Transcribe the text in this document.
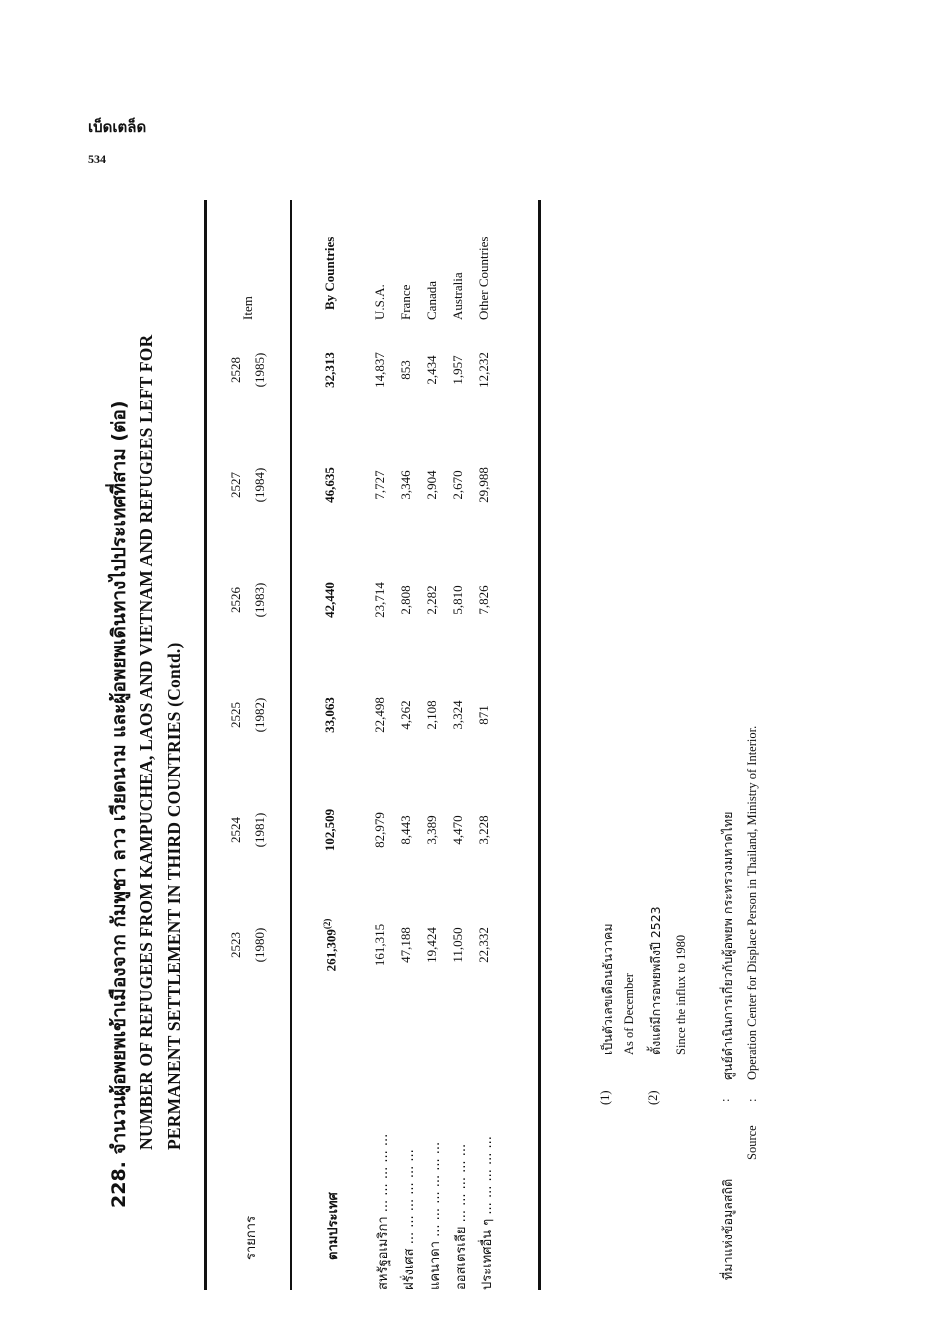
เบ็ดเตล็ด
534
228. จำนวนผู้อพยพเข้าเมืองจาก กัมพูชา ลาว เวียดนาม และผู้อพยพเดินทางไปประเทศที่สาม (ต่อ) NUMBER OF REFUGEES FROM KAMPUCHEA, LAOS AND VIETNAM AND REFUGEES LEFT FOR PERMANENT SETTLEMENT IN THIRD COUNTRIES (Contd.)
รายการ
Item
2523 (1980)
2524 (1981)
2525 (1982)
2526 (1983)
2527 (1984)
2528 (1985)
ตามประเทศ
261,309$^{(2)}$
102,509
33,063
42,440
46,635
32,313
By Countries
สหรัฐอเมริกา ... ... ... ... ...
161,315
82,979
22,498
23,714
7,727
14,837
U.S.A.
ฝรั่งเศส ... ... ... ... ... ...
47,188
8,443
4,262
2,808
3,346
853
France
แคนาดา ... ... ... ... ... ...
19,424
3,389
2,108
2,282
2,904
2,434
Canada
ออสเตรเลีย ... ... ... ... ...
11,050
4,470
3,324
5,810
2,670
1,957
Australia
ประเทศอื่น ๆ ... ... ... ... ...
22,332
3,228
871
7,826
29,988
12,232
Other Countries
(1)
เป็นตัวเลขเดือนธันวาคม As of December
(2)
ตั้งแต่มีการอพยพถึงปี 2523 Since the influx to 1980
ที่มาแห่งข้อมูลสถิติ
:
ศูนย์ดำเนินการเกี่ยวกับผู้อพยพ กระทรวงมหาดไทย
Source
:
Operation Center for Displace Person in Thailand, Ministry of Interior.
